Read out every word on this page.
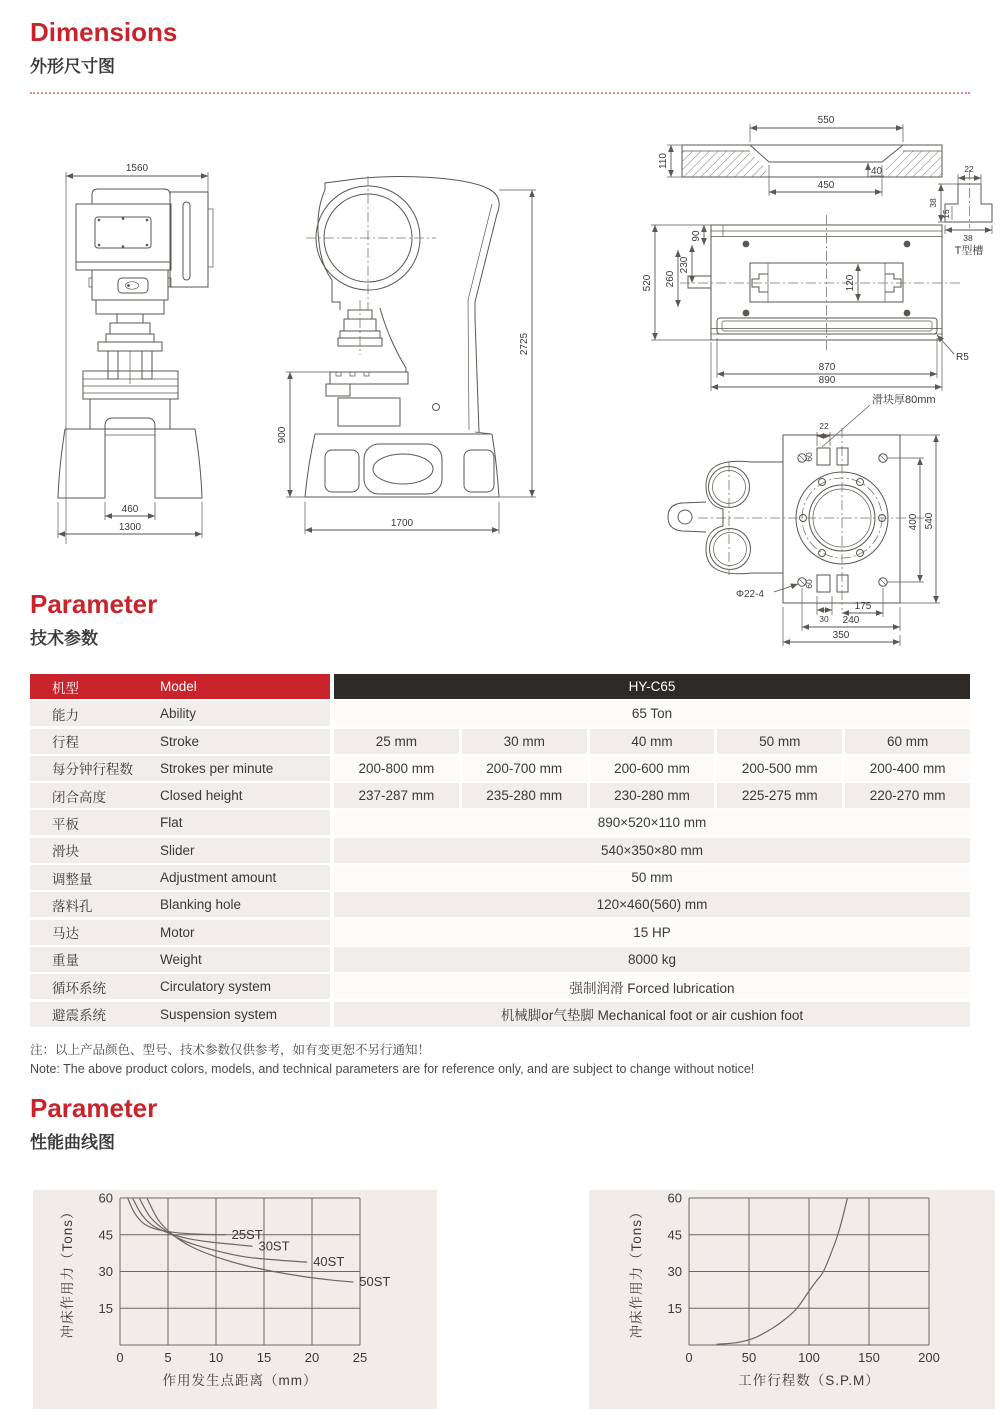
Dimensions
外形尺寸图
1560
460
1300
2725
900
1700
550
110
450
40	22
38
15
38
T型槽
520 260
230
90
120
870
890
R5
滑块厚80mm
22
60
60
400 540
Φ22-4
30
175
240
350
Parameter
技术参数
机型	Model	HY-C65
能力	Ability	65 Ton
行程	Stroke	25 mm	30 mm	40 mm	50 mm	60 mm
每分钟行程数	Strokes per minute	200-800 mm	200-700 mm	200-600 mm	200-500 mm	200-400 mm
闭合高度	Closed height	237-287 mm	235-280 mm	230-280 mm	225-275 mm	220-270 mm
平板	Flat	890×520×110 mm
滑块	Slider	540×350×80 mm
调整量	Adjustment amount	50 mm
落料孔	Blanking hole	120×460(560) mm
马达	Motor	15 HP
重量	Weight	8000 kg
循环系统	Circulatory system	强制润滑 Forced lubrication
避震系统	Suspension system	机械脚or气垫脚 Mechanical foot or air cushion foot
注：以上产品颜色、型号、技术参数仅供参考，如有变更恕不另行通知！
Note: The above product colors, models, and technical parameters are for reference only, and are subject to change without notice!
Parameter
性能曲线图
0	5	10	15	20	25
15
30
45
60
25ST
30ST
40ST
50ST
作用发生点距离（mm）
冲床作用力（Tons）
0	50	100	150	200
15
30
45
60
工作行程数（S.P.M）
冲床作用力（Tons）
